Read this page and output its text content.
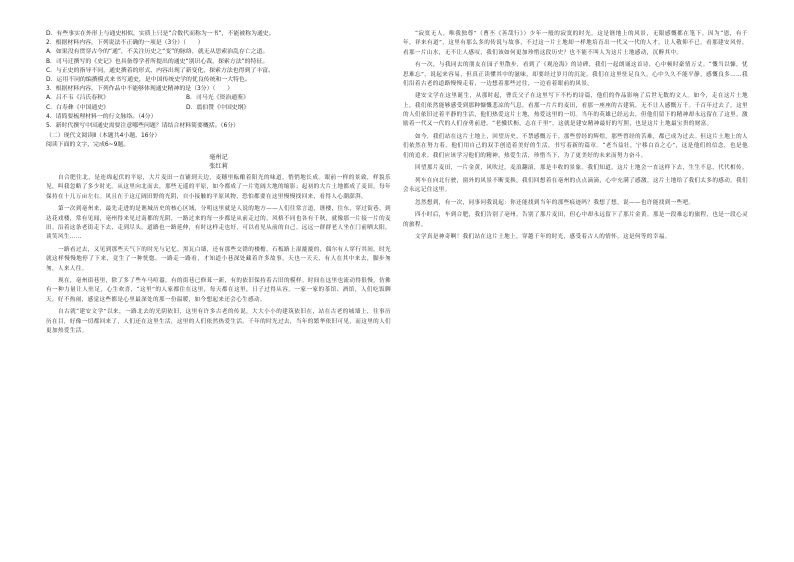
D．有些事实在外形上与通史相似，实质上只是“合数代而称为一书”，不能被称为通史。
2．根据材料内容，下列说法不正确的一项是（3分）（　　）
A．如果没有贯穿古今的“通”，不关注历史之“变”的脉络，就无从思索治乱存亡之道。
B．司马迁撰写的《史记》也具备尊学者所提出的通史“别识心裁，探索方法”的特征。
C．与正史的指导不同，通史撰着的形式、内容出现了新变化，探索方法也得到了丰富。
D．运用不同的编撰模式来书写通史，是中国传统史学的优良传统和一大特色。
3．根据材料内容，下列作品中不能够体现通史精神的是（3分）（　　）
A．吕不韦《吕氏春秋》	B．司马光《资治通鉴》
C．白寿彝《中国通史》	D．翦伯赞《中国史纲》
4．请简要梳理材料一的行文脉络。（4分）
5．新时代撰写中国通史需要注意哪些问题？请结合材料简要概括。（6分）
（二）现代文阅读Ⅱ（本题共4小题，16分）
阅读下面的文字，完成6~9题。
毫州记
张红莉

自合肥往北，是连绵起伏的平原，大片麦田一直铺到天边，麦穗里酝酿着阳光的味道，悄悄地长成。眼前一样的景致，样貌乐见，叫我忽略了多少时光。从这里向北而去，那些无遥的平原，如今都成了一片宽阔大地的缩影；起初的大片土地都成了麦田，每年保持在十几万亩左右。风且在于这辽阔田野的光阴，自小接触的平原风物，恐怕都要在这里慢慢找回来，看得人心潮澎湃。

第一次到亳州来，最先走进的是谯城历史的核心区域，分明这里就是人说的地方——人们往常言道，谯楼，往东，穿过街巷，到达花戏楼，常有见闻，亳州得来见过南都的光阴，一路过来的每一步都是从前走过的，风格不同也各有千秋，就像那一片接一片的麦田。沿着这条老街走下去，走到尽头，道路也一路延伸，有时这样走也好，可以看见从前的自己。远远一群群老人坐在门前晒太阳，谈笑风生……

一路看过去，又见到那些天气下的时光与记忆。黑瓦白墙，还有那些交错的楼檐，石板路上湿漉漉的，偶尔有人穿行其间，时光就这样慢慢地停了下来，竟生了一种恍惚。一路走一路看，才知道小巷深处藏着许多故事。天也一天天、有人在其中来去，脚步匆匆，人来人往。

现在，亳州街巷里，除了多了些车马喧嚣，有的街巷已修葺一新，有的依旧保持着古旧的模样。时间在这里也流动得很慢，仿佛有一种力量让人驻足，心生欢喜，“这里”的人家都住在这里，每天都在这里，日子过得从容。一家一家的茶馆、酒馆，人们吃饭聊天，好不热闹，感觉这些都是心里最深处的那一份温暖，如今想起来还会心生感动。

自古就“建安文学”以来，一路北去的光阴依旧，这里有许多古老的传说，大大小小的建筑依旧在，站在古老的城墙上，往事历历在目，好像一切都回来了，人们还在这里生活，这里的人们依然热爱生活。千年的时光过去，当年的繁华依旧可见，而这里的人们更加热爱生活。

“寂寞无人，唯我独尊”（曹丕《善哉行》）少年一般的寂寞的时光，这是谯地上的风景，无限感慨都在笔下。因为“恩，有千年，祥来有道”，这里有那么多的传说与故事，不过这一片土地却一样地培育出一代又一代的人才，让人敬仰不已。看那建安风骨，看那一片山水，无不让人感叹，我们该如何更加珍惜这段历史？也不能不叫人为这片土地感动，沉醉其中。

有一次，与我同去的朋友在园子里散步，看到了《观沧海》的诗碑，我们一起朗诵这首诗，心中顿时豪情万丈。“慨当以慷，忧思难忘”，说起来容易，但真正读懂其中的滋味，却要经过岁月的沉淀，我们在这里驻足良久，心中久久不能平静，感慨良多……我们沿着古老的道路慢慢走着，一边想着那些过往，一边看着眼前的风景。

建安文学在这里诞生，从那时起，曹氏父子在这里写下不朽的诗篇，他们的作品影响了后世无数的文人。如今，走在这片土地上，我们依然能够感受到那种慷慨悲凉的气息。看那一片片的麦田，看那一座座的古建筑，无不让人感慨万千。千百年过去了，这里的人们依旧过着平静的生活，他们热爱这片土地，热爱这里的一切。当年的英雄已经远去，但他们留下的精神却永远留在了这里，激励着一代又一代的人们奋勇前进。“老骥伏枥，志在千里”，这就是建安精神最好的写照，也是这片土地最宝贵的财富。

如今，我们站在这片土地上，回望历史，不禁感慨万千。那些曾经的辉煌，那些曾经的苦难，都已成为过去。但这片土地上的人们依然在努力着，他们用自己的双手创造着美好的生活，书写着新的篇章。“老当益壮，宁移白首之心”，这是他们的信念，也是他们的追求。我们应该学习他们的精神，热爱生活，珍惜当下，为了更美好的未来而努力奋斗。

回望那片麦田，一片金黄，风吹过，麦浪翻滚，那是丰收的景象。我们知道，这片土地会一直这样下去，生生不息，代代相传。

列车在向北行驶，窗外的风景不断变换。我们回想着在亳州的点点滴滴，心中充满了感激。这片土地给了我们太多的感动，我们会永远记住这里。

忽然想到，有一次，同事问我说起：你还能找到当年的那些痕迹吗？我想了想，说——也许能找到一些吧。

四小时后，车到合肥，我们告别了亳州，告别了那片麦田，但心中却永远留下了那片金黄。那是一段难忘的旅程，也是一段心灵的旅程。

文学真是神奇啊！我们站在这片土地上，穿越千年的时光，感受着古人的情怀，这是何等的幸福。
